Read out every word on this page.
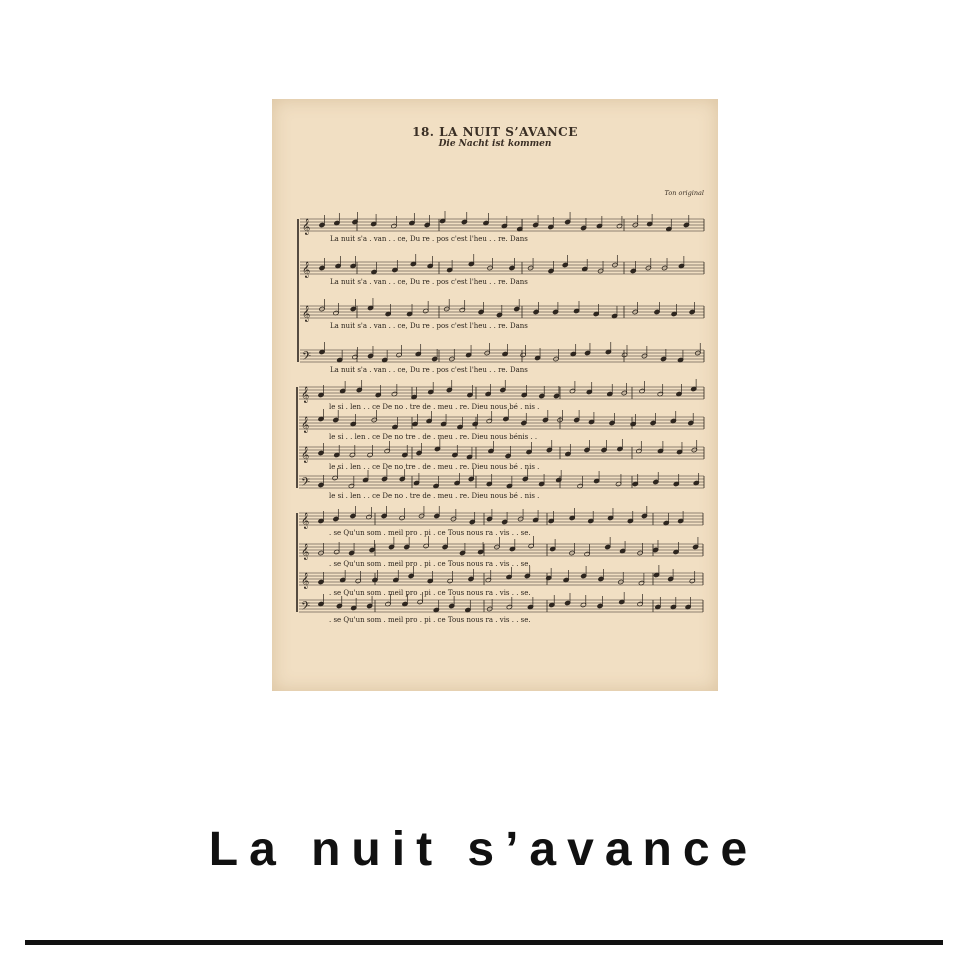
18. LA NUIT S’AVANCE
Die Nacht ist kommen
Ton original
𝄞
𝄞
𝄞
𝄢
𝄞
𝄞
𝄞
𝄢
𝄞
𝄞
𝄞
𝄢
La nuit s'a . van . . ce, Du re . pos c'est l'heu . . re. Dans
La nuit s'a . van . . ce, Du re . pos c'est l'heu . . re. Dans
La nuit s'a . van . . ce, Du re . pos c'est l'heu . . re. Dans
La nuit s'a . van . . ce, Du re . pos c'est l'heu . . re. Dans
le si . len . . ce De no . tre de . meu . re. Dieu nous bé . nis .
le si . . len . ce De no tre . de . meu . re. Dieu nous bénis . .
le si . len . . ce De no tre . de . meu . re. Dieu nous bé . nis .
le si . len . . ce De no . tre de . meu . re. Dieu nous bé . nis .
. se Qu'un som . meil pro . pi . ce Tous nous ra . vis . . se.
. se Qu'un som . meil pro . pi . ce Tous nous ra . vis . . se.
. se Qu'un som . meil pro . pi . ce Tous nous ra . vis . . se.
. se Qu'un som . meil pro . pi . ce Tous nous ra . vis . . se.
La nuit s’avance
